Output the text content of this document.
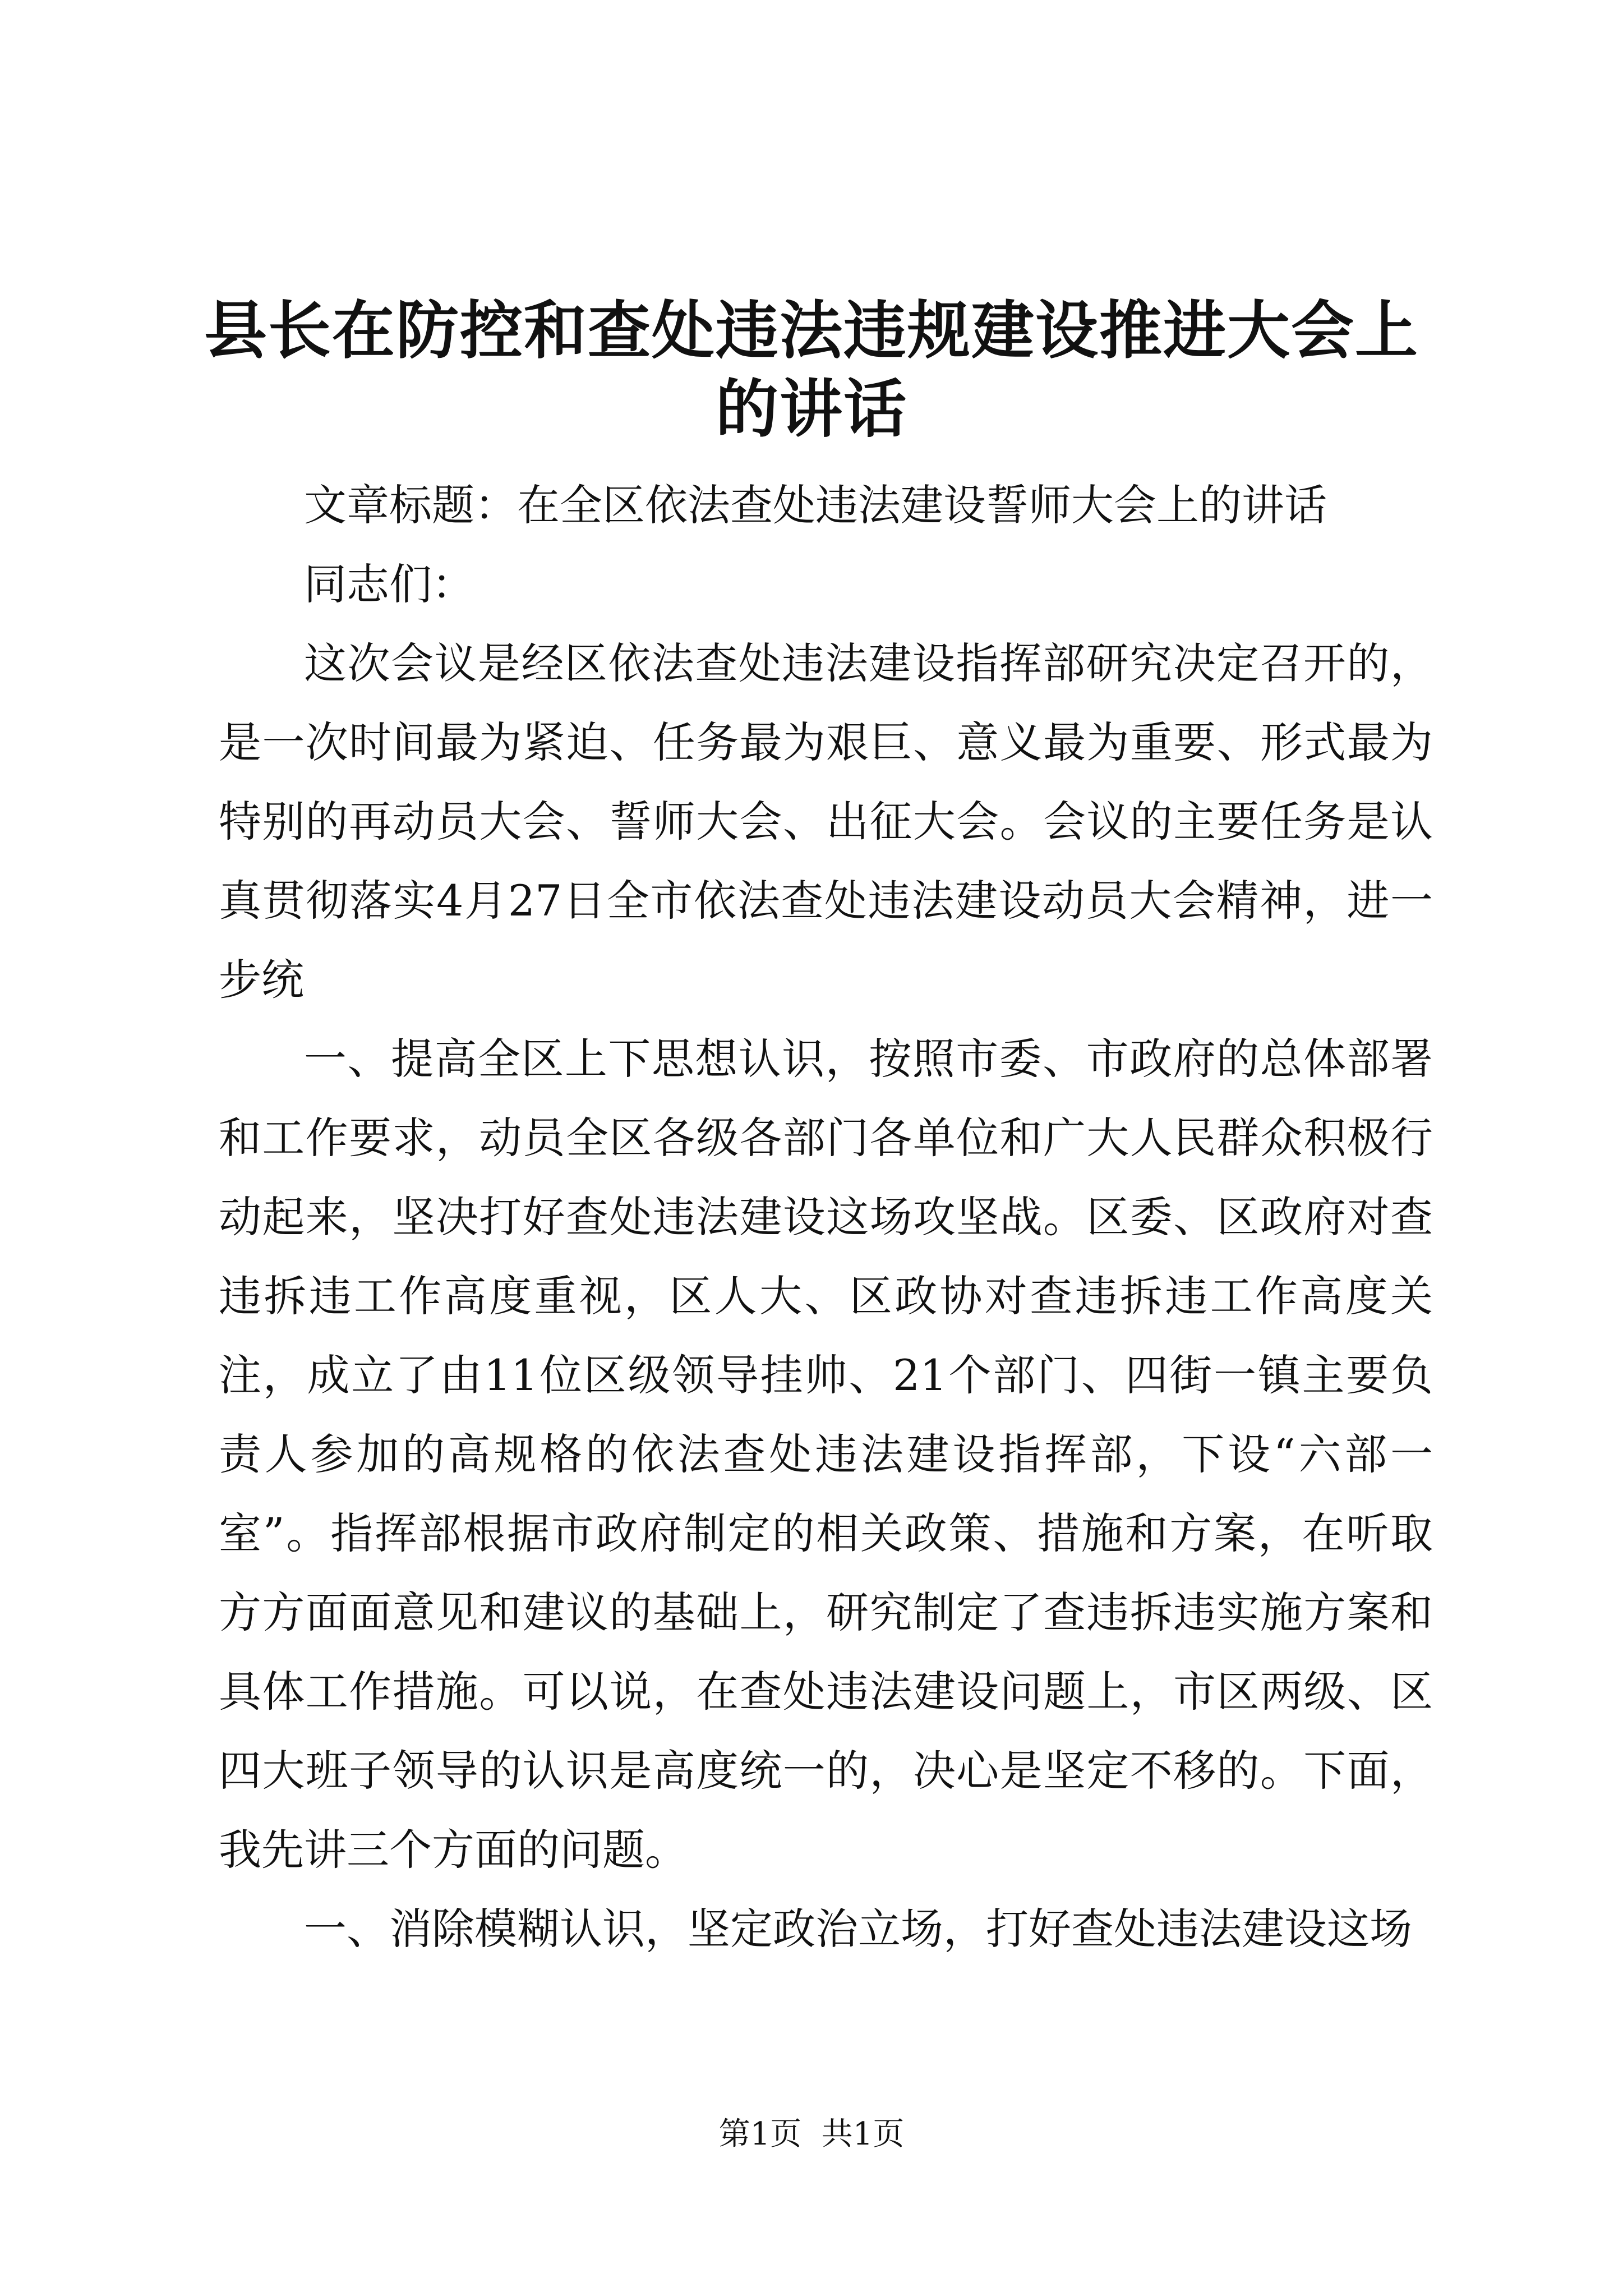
县长在防控和查处违法违规建设推进大会上的讲话

文章标题：在全区依法查处违法建设誓师大会上的讲话

同志们：

这次会议是经区依法查处违法建设指挥部研究决定召开的，是一次时间最为紧迫、任务最为艰巨、意义最为重要、形式最为特别的再动员大会、誓师大会、出征大会。会议的主要任务是认真贯彻落实4月27日全市依法查处违法建设动员大会精神，进一步统

一、提高全区上下思想认识，按照市委、市政府的总体部署和工作要求，动员全区各级各部门各单位和广大人民群众积极行动起来，坚决打好查处违法建设这场攻坚战。区委、区政府对查违拆违工作高度重视，区人大、区政协对查违拆违工作高度关注，成立了由11位区级领导挂帅、21个部门、四街一镇主要负责人参加的高规格的依法查处违法建设指挥部，下设“六部一室”。指挥部根据市政府制定的相关政策、措施和方案，在听取方方面面意见和建议的基础上，研究制定了查违拆违实施方案和具体工作措施。可以说，在查处违法建设问题上，市区两级、区四大班子领导的认识是高度统一的，决心是坚定不移的。下面，我先讲三个方面的问题。

一、消除模糊认识，坚定政治立场，打好查处违法建设这场

第1页  共1页
